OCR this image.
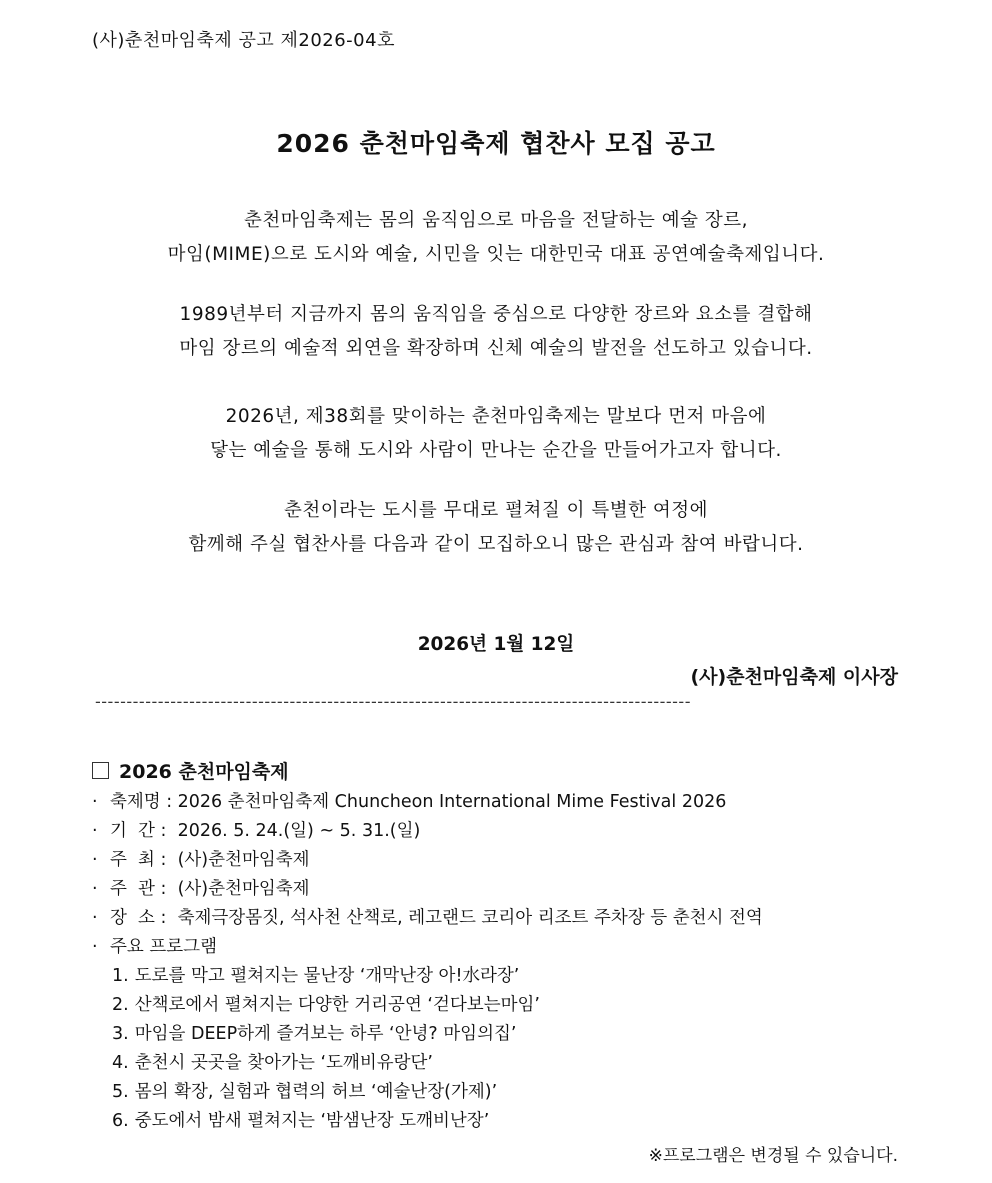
(사)춘천마임축제 공고 제2026-04호
2026 춘천마임축제 협찬사 모집 공고

춘천마임축제는 몸의 움직임으로 마음을 전달하는 예술 장르,
마임(MIME)으로 도시와 예술, 시민을 잇는 대한민국 대표 공연예술축제입니다.

1989년부터 지금까지 몸의 움직임을 중심으로 다양한 장르와 요소를 결합해
마임 장르의 예술적 외연을 확장하며 신체 예술의 발전을 선도하고 있습니다.

2026년, 제38회를 맞이하는 춘천마임축제는 말보다 먼저 마음에
닿는 예술을 통해 도시와 사람이 만나는 순간을 만들어가고자 합니다.

춘천이라는 도시를 무대로 펼쳐질 이 특별한 여정에
함께해 주실 협찬사를 다음과 같이 모집하오니 많은 관심과 참여 바랍니다.

2026년 1월 12일
(사)춘천마임축제 이사장
-----------------------------------------------------------------------------------------------
2026 춘천마임축제
· 축제명 : 2026 춘천마임축제 Chuncheon International Mime Festival 2026
· 기  간 : 2026. 5. 24.(일) ~ 5. 31.(일)
· 주  최 : (사)춘천마임축제
· 주  관 : (사)춘천마임축제
· 장  소 : 축제극장몸짓, 석사천 산책로, 레고랜드 코리아 리조트 주차장 등 춘천시 전역
· 주요 프로그램
1. 도로를 막고 펼쳐지는 물난장 ‘개막난장 아!水라장’
2. 산책로에서 펼쳐지는 다양한 거리공연 ‘걷다보는마임’
3. 마임을 DEEP하게 즐겨보는 하루 ‘안녕? 마임의집’
4. 춘천시 곳곳을 찾아가는 ‘도깨비유랑단’
5. 몸의 확장, 실험과 협력의 허브 ‘예술난장(가제)’
6. 중도에서 밤새 펼쳐지는 ‘밤샘난장 도깨비난장’
※프로그램은 변경될 수 있습니다.
